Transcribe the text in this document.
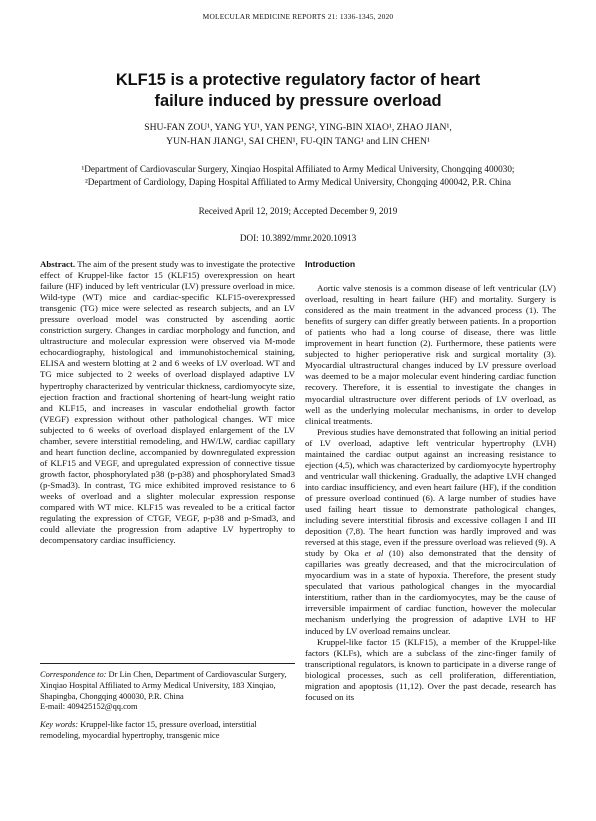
MOLECULAR MEDICINE REPORTS 21: 1336-1345, 2020
KLF15 is a protective regulatory factor of heart
failure induced by pressure overload
SHU-FAN ZOU¹, YANG YU¹, YAN PENG², YING-BIN XIAO¹, ZHAO JIAN¹,
YUN-HAN JIANG¹, SAI CHEN¹, FU-QIN TANG¹ and LIN CHEN¹
¹Department of Cardiovascular Surgery, Xinqiao Hospital Affiliated to Army Medical University, Chongqing 400030;
²Department of Cardiology, Daping Hospital Affiliated to Army Medical University, Chongqing 400042, P.R. China
Received April 12, 2019; Accepted December 9, 2019
DOI: 10.3892/mmr.2020.10913

Abstract. The aim of the present study was to investigate the protective effect of Kruppel-like factor 15 (KLF15) overexpression on heart failure (HF) induced by left ventricular (LV) pressure overload in mice. Wild-type (WT) mice and cardiac-specific KLF15-overexpressed transgenic (TG) mice were selected as research subjects, and an LV pressure overload model was constructed by ascending aortic constriction surgery. Changes in cardiac morphology and function, and ultrastructure and molecular expression were observed via M-mode echocardiography, histological and immunohistochemical staining, ELISA and western blotting at 2 and 6 weeks of LV overload. WT and TG mice subjected to 2 weeks of overload displayed adaptive LV hypertrophy characterized by ventricular thickness, cardiomyocyte size, ejection fraction and fractional shortening of heart-lung weight ratio and KLF15, and increases in vascular endothelial growth factor (VEGF) expression without other pathological changes. WT mice subjected to 6 weeks of overload displayed enlargement of the LV chamber, severe interstitial remodeling, and HW/LW, cardiac capillary and heart function decline, accompanied by downregulated expression of KLF15 and VEGF, and upregulated expression of connective tissue growth factor, phosphorylated p38 (p-p38) and phosphorylated Smad3 (p-Smad3). In contrast, TG mice exhibited improved resistance to 6 weeks of overload and a slighter molecular expression response compared with WT mice. KLF15 was revealed to be a critical factor regulating the expression of CTGF, VEGF, p-p38 and p-Smad3, and could alleviate the progression from adaptive LV hypertrophy to decompensatory cardiac insufficiency.

Correspondence to: Dr Lin Chen, Department of Cardiovascular Surgery, Xinqiao Hospital Affiliated to Army Medical University, 183 Xinqiao, Shapingba, Chongqing 400030, P.R. China

E-mail: 409425152@qq.com

Key words: Kruppel-like factor 15, pressure overload, interstitial remodeling, myocardial hypertrophy, transgenic mice

Introduction

Aortic valve stenosis is a common disease of left ventricular (LV) overload, resulting in heart failure (HF) and mortality. Surgery is considered as the main treatment in the advanced process (1). The benefits of surgery can differ greatly between patients. In a proportion of patients who had a long course of disease, there was little improvement in heart function (2). Furthermore, these patients were subjected to higher perioperative risk and surgical mortality (3). Myocardial ultrastructural changes induced by LV pressure overload was deemed to be a major molecular event hindering cardiac function recovery. Therefore, it is essential to investigate the changes in myocardial ultrastructure over different periods of LV overload, as well as the underlying molecular mechanisms, in order to develop clinical treatments.

Previous studies have demonstrated that following an initial period of LV overload, adaptive left ventricular hypertrophy (LVH) maintained the cardiac output against an increasing resistance to ejection (4,5), which was characterized by cardiomyocyte hypertrophy and ventricular wall thickening. Gradually, the adaptive LVH changed into cardiac insufficiency, and even heart failure (HF), if the condition of pressure overload continued (6). A large number of studies have used failing heart tissue to demonstrate pathological changes, including severe interstitial fibrosis and excessive collagen I and III deposition (7,8). The heart function was hardly improved and was reversed at this stage, even if the pressure overload was relieved (9). A study by Oka et al (10) also demonstrated that the density of capillaries was greatly decreased, and that the microcirculation of myocardium was in a state of hypoxia. Therefore, the present study speculated that various pathological changes in the myocardial interstitium, rather than in the cardiomyocytes, may be the cause of irreversible impairment of cardiac function, however the molecular mechanism underlying the progression of adaptive LVH to HF induced by LV overload remains unclear.

Kruppel-like factor 15 (KLF15), a member of the Kruppel-like factors (KLFs), which are a subclass of the zinc-finger family of transcriptional regulators, is known to participate in a diverse range of biological processes, such as cell proliferation, differentiation, migration and apoptosis (11,12). Over the past decade, research has focused on its
